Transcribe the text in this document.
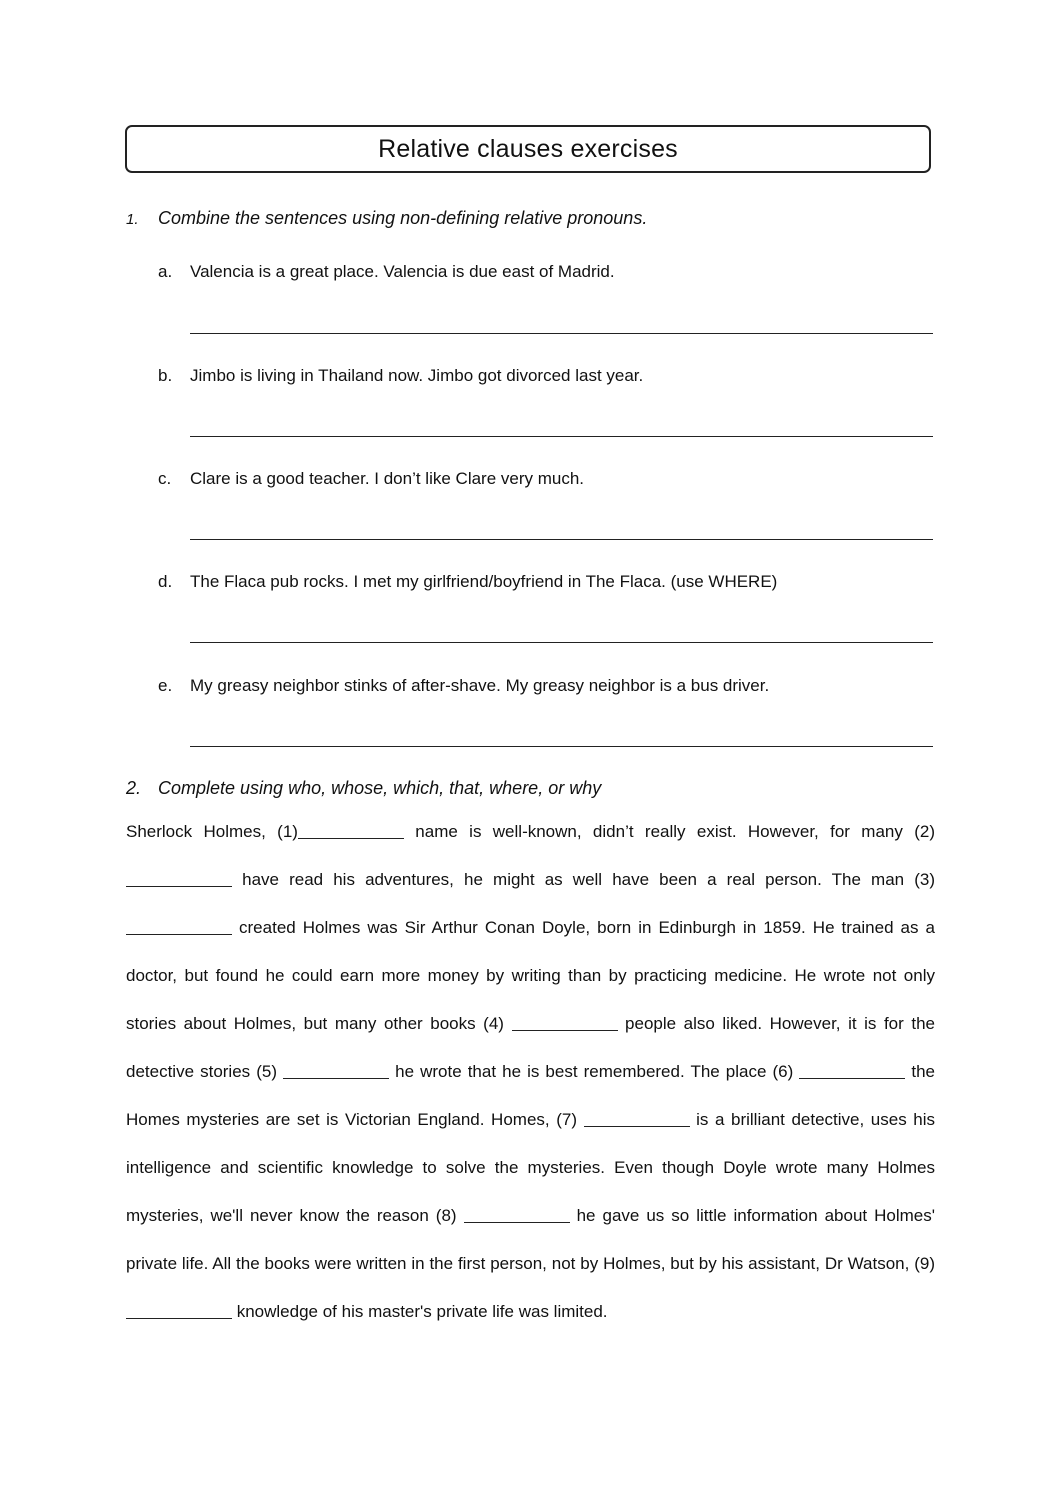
Relative clauses exercises
1. Combine the sentences using non-defining relative pronouns.
a. Valencia is a great place. Valencia is due east of Madrid.
b. Jimbo is living in Thailand now. Jimbo got divorced last year.
c. Clare is a good teacher. I don’t like Clare very much.
d. The Flaca pub rocks. I met my girlfriend/boyfriend in The Flaca. (use WHERE)
e. My greasy neighbor stinks of after-shave. My greasy neighbor is a bus driver.
2. Complete using who, whose, which, that, where, or why
Sherlock Holmes, (1)	name is well-known, didn’t really exist. However, for many (2)  have read his adventures, he might as well have been a real person. The man (3)  created Holmes was Sir Arthur Conan Doyle, born in Edinburgh in 1859. He trained as a doctor, but found he could earn more money by writing than by practicing medicine. He wrote not only stories about Holmes, but many other books (4)	people also liked. However, it is for the detective stories (5)	he wrote that he is best remembered. The place (6)	the Homes mysteries are set is Victorian England. Homes, (7)	is a brilliant detective, uses his intelligence and scientific knowledge to solve the mysteries. Even though Doyle wrote many Holmes mysteries, we'll never know the reason (8)	he gave us so little information about Holmes' private life. All the books were written in the first person, not by Holmes, but by his assistant, Dr Watson, (9)  knowledge of his master's private life was limited.
